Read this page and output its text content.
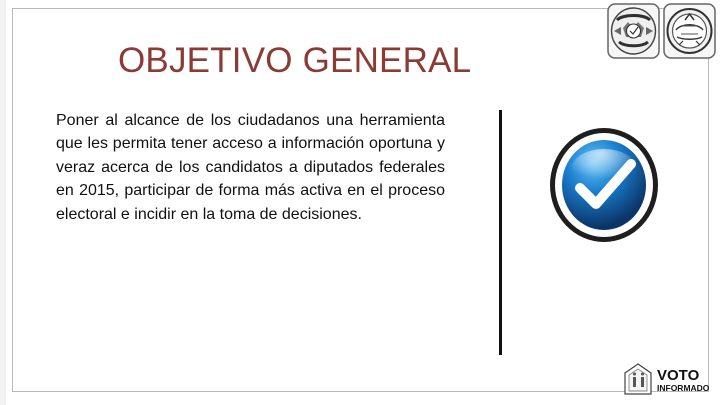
OBJETIVO GENERAL
Poner al alcance de los ciudadanos una herramienta que les permita tener acceso a información oportuna y veraz acerca de los candidatos a diputados federales en 2015, participar de forma más activa en el proceso electoral e incidir en la toma de decisiones.
VOTO
INFORMADO
